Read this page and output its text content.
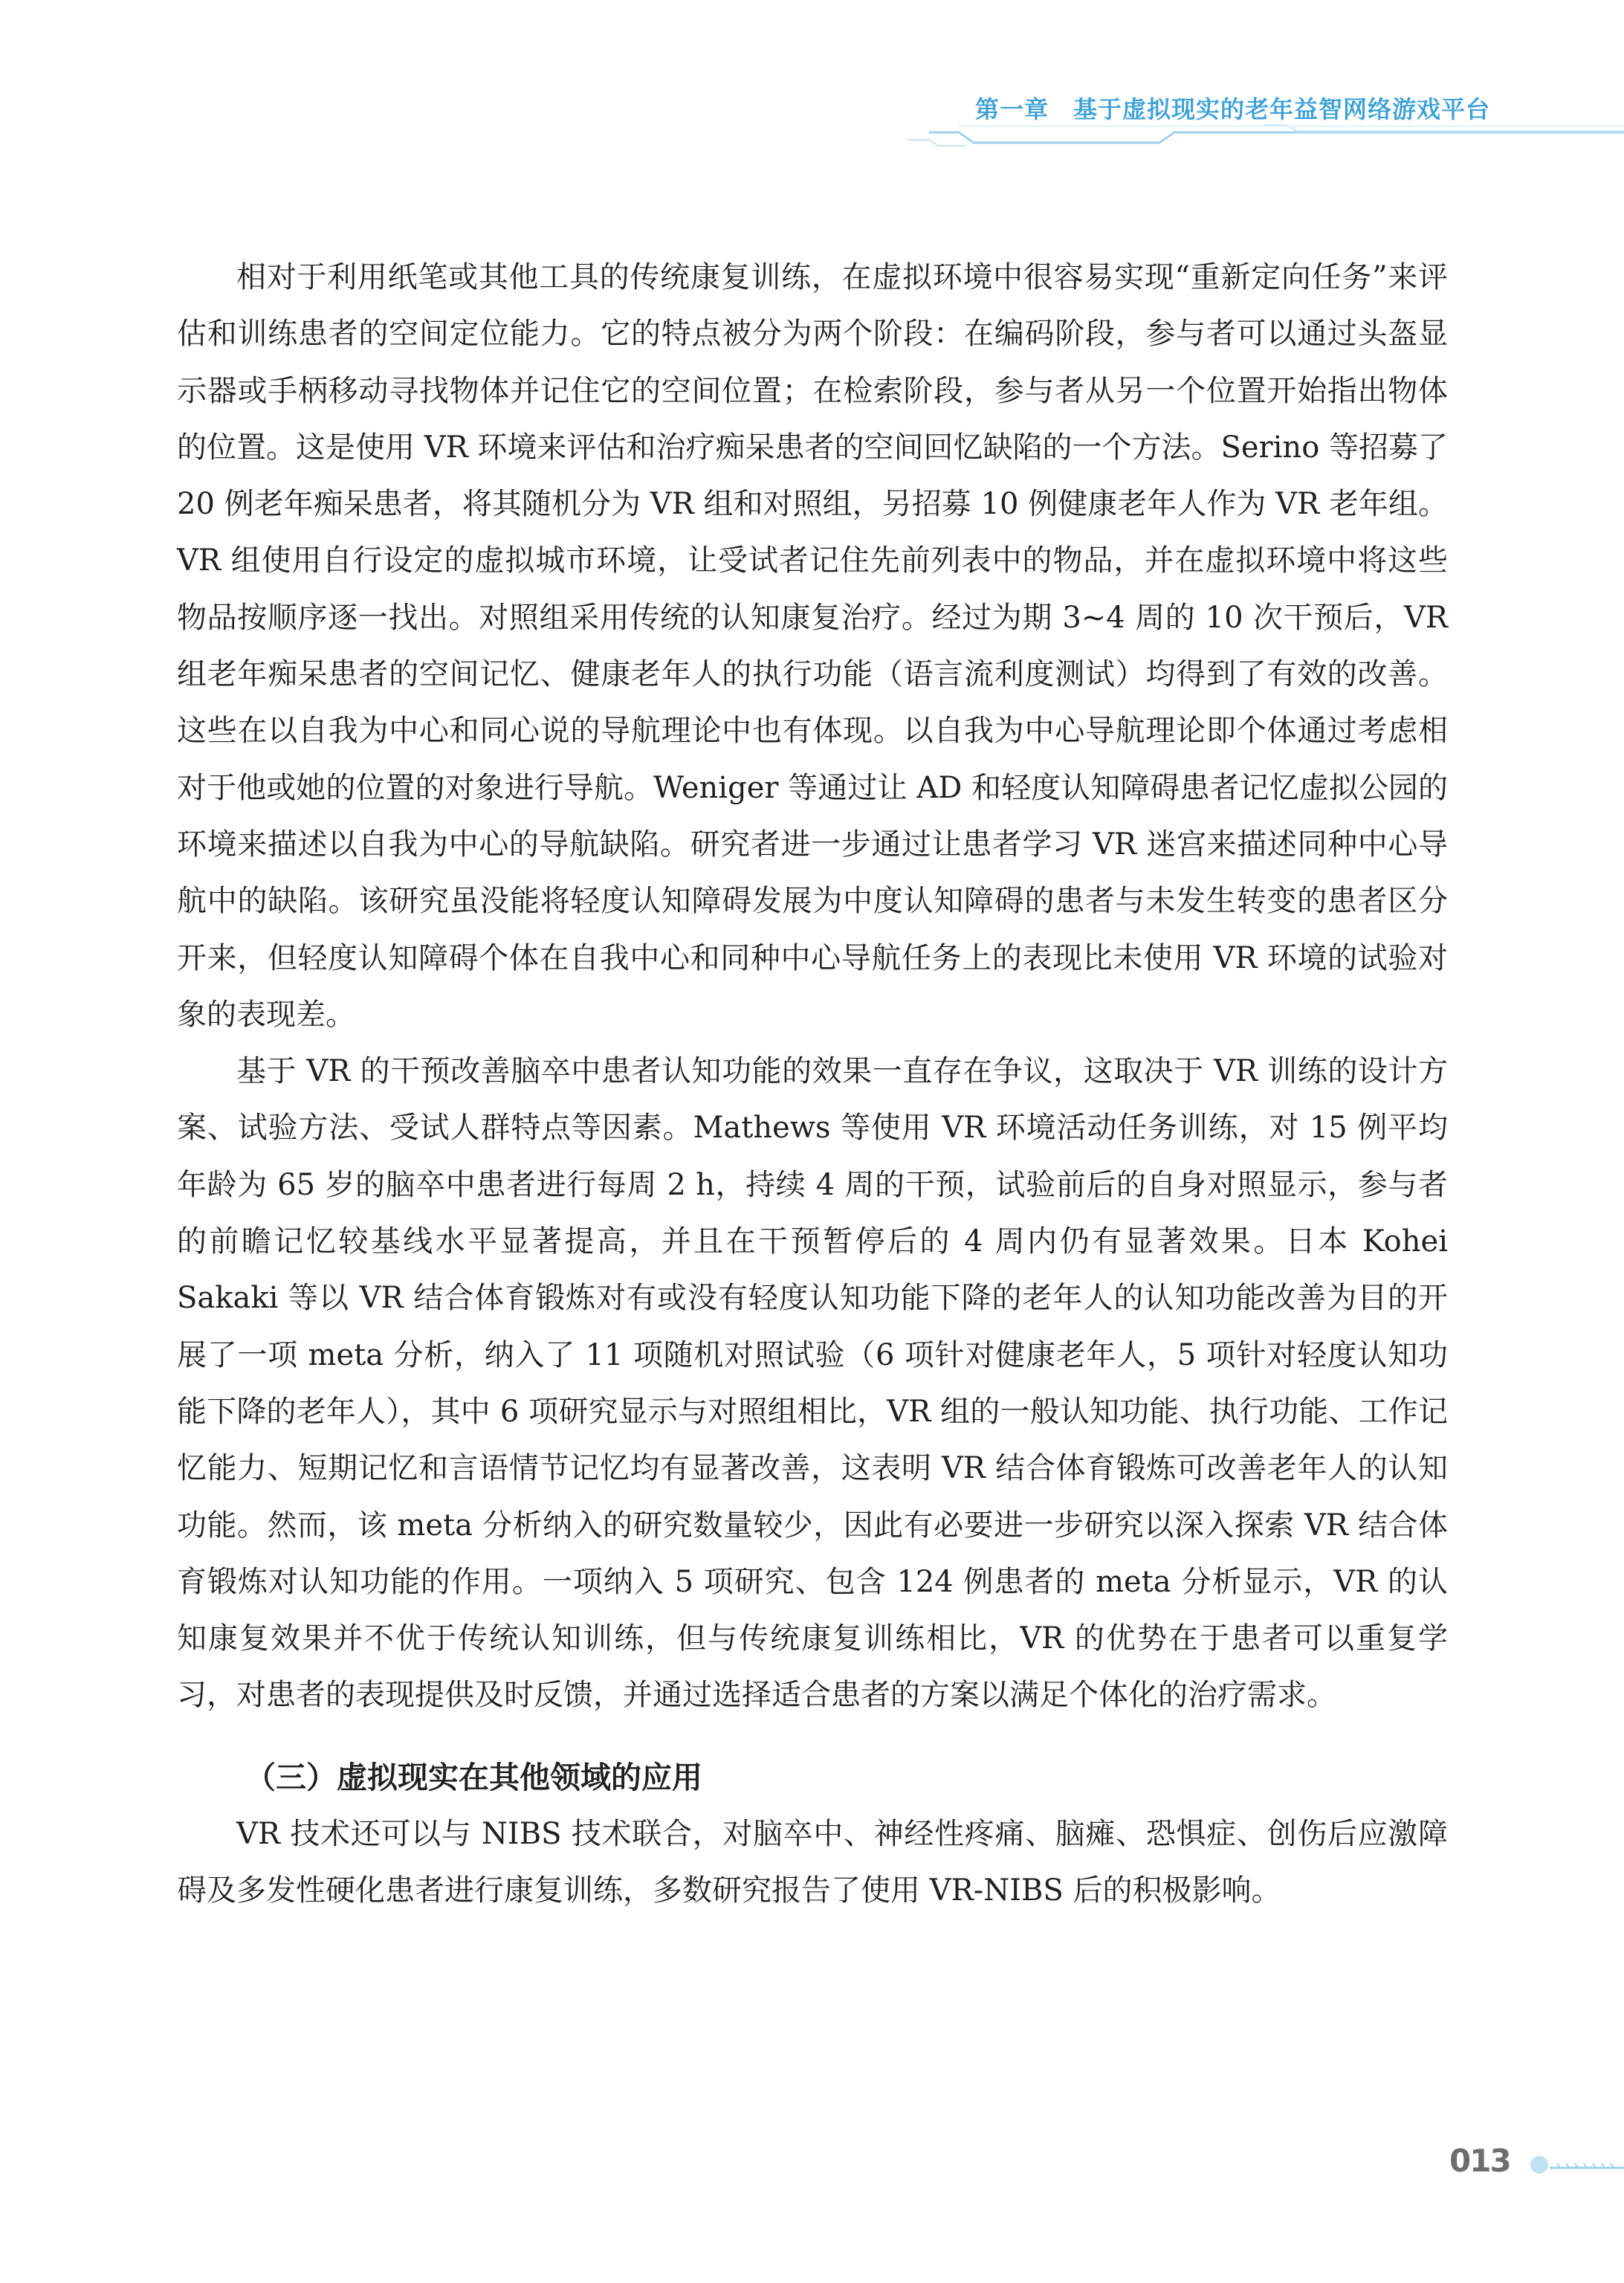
第一章　基于虚拟现实的老年益智网络游戏平台

相对于利用纸笔或其他工具的传统康复训练，在虚拟环境中很容易实现“重新定向任务”来评估和训练患者的空间定位能力。它的特点被分为两个阶段：在编码阶段，参与者可以通过头盔显示器或手柄移动寻找物体并记住它的空间位置；在检索阶段，参与者从另一个位置开始指出物体的位置。这是使用 VR 环境来评估和治疗痴呆患者的空间回忆缺陷的一个方法。Serino 等招募了 20 例老年痴呆患者，将其随机分为 VR 组和对照组，另招募 10 例健康老年人作为 VR 老年组。VR 组使用自行设定的虚拟城市环境，让受试者记住先前列表中的物品，并在虚拟环境中将这些物品按顺序逐一找出。对照组采用传统的认知康复治疗。经过为期 3~4 周的 10 次干预后，VR 组老年痴呆患者的空间记忆、健康老年人的执行功能（语言流利度测试）均得到了有效的改善。这些在以自我为中心和同心说的导航理论中也有体现。以自我为中心导航理论即个体通过考虑相对于他或她的位置的对象进行导航。Weniger 等通过让 AD 和轻度认知障碍患者记忆虚拟公园的环境来描述以自我为中心的导航缺陷。研究者进一步通过让患者学习 VR 迷宫来描述同种中心导航中的缺陷。该研究虽没能将轻度认知障碍发展为中度认知障碍的患者与未发生转变的患者区分开来，但轻度认知障碍个体在自我中心和同种中心导航任务上的表现比未使用 VR 环境的试验对象的表现差。

基于 VR 的干预改善脑卒中患者认知功能的效果一直存在争议，这取决于 VR 训练的设计方案、试验方法、受试人群特点等因素。Mathews 等使用 VR 环境活动任务训练，对 15 例平均年龄为 65 岁的脑卒中患者进行每周 2 h，持续 4 周的干预，试验前后的自身对照显示，参与者的前瞻记忆较基线水平显著提高，并且在干预暂停后的 4 周内仍有显著效果。日本 Kohei Sakaki 等以 VR 结合体育锻炼对有或没有轻度认知功能下降的老年人的认知功能改善为目的开展了一项 meta 分析，纳入了 11 项随机对照试验（6 项针对健康老年人，5 项针对轻度认知功能下降的老年人），其中 6 项研究显示与对照组相比，VR 组的一般认知功能、执行功能、工作记忆能力、短期记忆和言语情节记忆均有显著改善，这表明 VR 结合体育锻炼可改善老年人的认知功能。然而，该 meta 分析纳入的研究数量较少，因此有必要进一步研究以深入探索 VR 结合体育锻炼对认知功能的作用。一项纳入 5 项研究、包含 124 例患者的 meta 分析显示，VR 的认知康复效果并不优于传统认知训练，但与传统康复训练相比，VR 的优势在于患者可以重复学习，对患者的表现提供及时反馈，并通过选择适合患者的方案以满足个体化的治疗需求。

（三）虚拟现实在其他领域的应用

VR 技术还可以与 NIBS 技术联合，对脑卒中、神经性疼痛、脑瘫、恐惧症、创伤后应激障碍及多发性硬化患者进行康复训练，多数研究报告了使用 VR-NIBS 后的积极影响。

013
